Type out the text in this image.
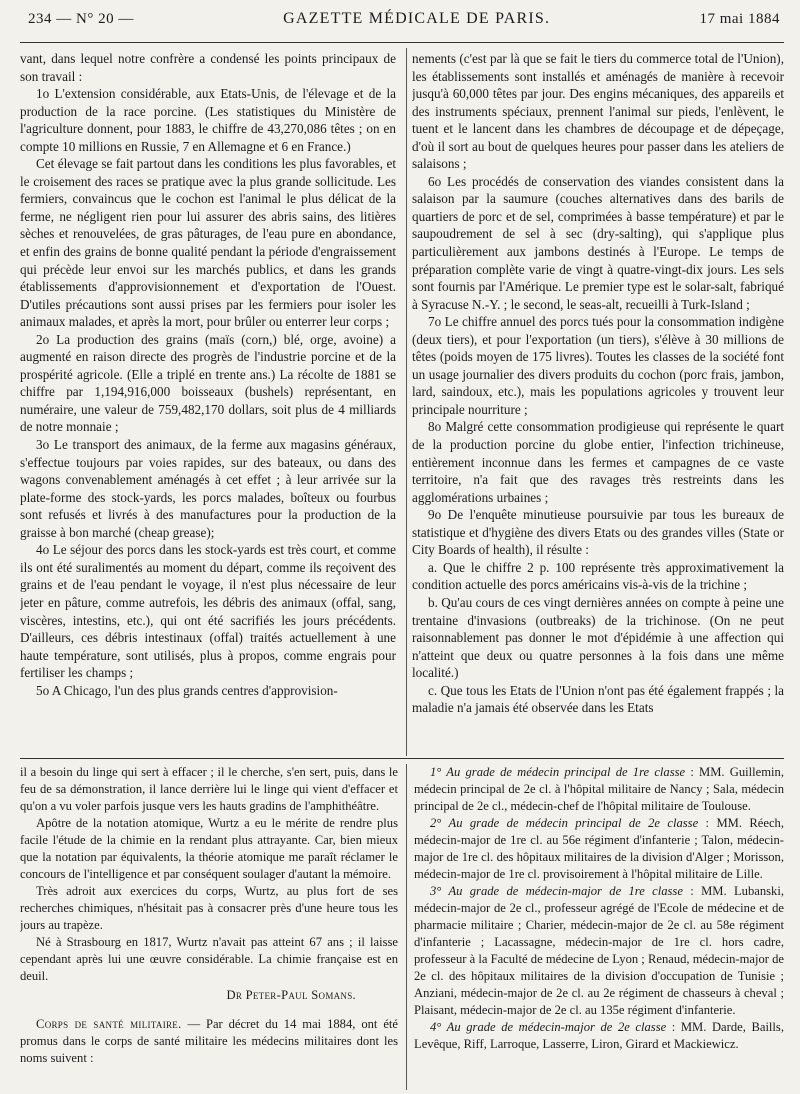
234 — N° 20 —	GAZETTE MÉDICALE DE PARIS.	17 mai 1884

vant, dans lequel notre confrère a condensé les points principaux de son travail :

1o L'extension considérable, aux Etats-Unis, de l'élevage et de la production de la race porcine. (Les statistiques du Ministère de l'agriculture donnent, pour 1883, le chiffre de 43,270,086 têtes ; on en compte 10 millions en Russie, 7 en Allemagne et 6 en France.)

Cet élevage se fait partout dans les conditions les plus favorables, et le croisement des races se pratique avec la plus grande sollicitude. Les fermiers, convaincus que le cochon est l'animal le plus délicat de la ferme, ne négligent rien pour lui assurer des abris sains, des litières sèches et renouvelées, de gras pâturages, de l'eau pure en abondance, et enfin des grains de bonne qualité pendant la période d'engraissement qui précède leur envoi sur les marchés publics, et dans les grands établissements d'approvisionnement et d'exportation de l'Ouest. D'utiles précautions sont aussi prises par les fermiers pour isoler les animaux malades, et après la mort, pour brûler ou enterrer leur corps ;

2o La production des grains (maïs (corn,) blé, orge, avoine) a augmenté en raison directe des progrès de l'industrie porcine et de la prospérité agricole. (Elle a triplé en trente ans.) La récolte de 1881 se chiffre par 1,194,916,000 boisseaux (bushels) représentant, en numéraire, une valeur de 759,482,170 dollars, soit plus de 4 milliards de notre monnaie ;

3o Le transport des animaux, de la ferme aux magasins généraux, s'effectue toujours par voies rapides, sur des bateaux, ou dans des wagons convenablement aménagés à cet effet ; à leur arrivée sur la plate-forme des stock-yards, les porcs malades, boîteux ou fourbus sont refusés et livrés à des manufactures pour la production de la graisse à bon marché (cheap grease);

4o Le séjour des porcs dans les stock-yards est très court, et comme ils ont été suralimentés au moment du départ, comme ils reçoivent des grains et de l'eau pendant le voyage, il n'est plus nécessaire de leur jeter en pâture, comme autrefois, les débris des animaux (offal, sang, viscères, intestins, etc.), qui ont été sacrifiés les jours précédents. D'ailleurs, ces débris intestinaux (offal) traités actuellement à une haute température, sont utilisés, plus à propos, comme engrais pour fertiliser les champs ;

5o A Chicago, l'un des plus grands centres d'approvision-

nements (c'est par là que se fait le tiers du commerce total de l'Union), les établissements sont installés et aménagés de manière à recevoir jusqu'à 60,000 têtes par jour. Des engins mécaniques, des appareils et des instruments spéciaux, prennent l'animal sur pieds, l'enlèvent, le tuent et le lancent dans les chambres de découpage et de dépeçage, d'où il sort au bout de quelques heures pour passer dans les ateliers de salaisons ;

6o Les procédés de conservation des viandes consistent dans la salaison par la saumure (couches alternatives dans des barils de quartiers de porc et de sel, comprimées à basse température) et par le saupoudrement de sel à sec (dry-salting), qui s'applique plus particulièrement aux jambons destinés à l'Europe. Le temps de préparation complète varie de vingt à quatre-vingt-dix jours. Les sels sont fournis par l'Amérique. Le premier type est le solar-salt, fabriqué à Syracuse N.-Y. ; le second, le seas-alt, recueilli à Turk-Island ;

7o Le chiffre annuel des porcs tués pour la consommation indigène (deux tiers), et pour l'exportation (un tiers), s'élève à 30 millions de têtes (poids moyen de 175 livres). Toutes les classes de la société font un usage journalier des divers produits du cochon (porc frais, jambon, lard, saindoux, etc.), mais les populations agricoles y trouvent leur principale nourriture ;

8o Malgré cette consommation prodigieuse qui représente le quart de la production porcine du globe entier, l'infection trichineuse, entièrement inconnue dans les fermes et campagnes de ce vaste territoire, n'a fait que des ravages très restreints dans les agglomérations urbaines ;

9o De l'enquête minutieuse poursuivie par tous les bureaux de statistique et d'hygiène des divers Etats ou des grandes villes (State or City Boards of health), il résulte :

a. Que le chiffre 2 p. 100 représente très approximativement la condition actuelle des porcs américains vis-à-vis de la trichine ;

b. Qu'au cours de ces vingt dernières années on compte à peine une trentaine d'invasions (outbreaks) de la trichinose. (On ne peut raisonnablement pas donner le mot d'épidémie à une affection qui n'atteint que deux ou quatre personnes à la fois dans une même localité.)

c. Que tous les Etats de l'Union n'ont pas été également frappés ; la maladie n'a jamais été observée dans les Etats

il a besoin du linge qui sert à effacer ; il le cherche, s'en sert, puis, dans le feu de sa démonstration, il lance derrière lui le linge qui vient d'effacer et qu'on a vu voler parfois jusque vers les hauts gradins de l'amphithéâtre.

Apôtre de la notation atomique, Wurtz a eu le mérite de rendre plus facile l'étude de la chimie en la rendant plus attrayante. Car, bien mieux que la notation par équivalents, la théorie atomique me paraît réclamer le concours de l'intelligence et par conséquent soulager d'autant la mémoire.

Très adroit aux exercices du corps, Wurtz, au plus fort de ses recherches chimiques, n'hésitait pas à consacrer près d'une heure tous les jours au trapèze.

Né à Strasbourg en 1817, Wurtz n'avait pas atteint 67 ans ; il laisse cependant après lui une œuvre considérable. La chimie française est en deuil.

Dr Peter-Paul Somans.

Corps de santé militaire. — Par décret du 14 mai 1884, ont été promus dans le corps de santé militaire les médecins militaires dont les noms suivent :

1° Au grade de médecin principal de 1re classe : MM. Guillemin, médecin principal de 2e cl. à l'hôpital militaire de Nancy ; Sala, médecin principal de 2e cl., médecin-chef de l'hôpital militaire de Toulouse.

2° Au grade de médecin principal de 2e classe : MM. Réech, médecin-major de 1re cl. au 56e régiment d'infanterie ; Talon, médecin-major de 1re cl. des hôpitaux militaires de la division d'Alger ; Morisson, médecin-major de 1re cl. provisoirement à l'hôpital militaire de Lille.

3° Au grade de médecin-major de 1re classe : MM. Lubanski, médecin-major de 2e cl., professeur agrégé de l'Ecole de médecine et de pharmacie militaire ; Charier, médecin-major de 2e cl. au 58e régiment d'infanterie ; Lacassagne, médecin-major de 1re cl. hors cadre, professeur à la Faculté de médecine de Lyon ; Renaud, médecin-major de 2e cl. des hôpitaux militaires de la division d'occupation de Tunisie ; Anziani, médecin-major de 2e cl. au 2e régiment de chasseurs à cheval ; Plaisant, médecin-major de 2e cl. au 135e régiment d'infanterie.

4° Au grade de médecin-major de 2e classe : MM. Darde, Baills, Levêque, Riff, Larroque, Lasserre, Liron, Girard et Mackiewicz.
